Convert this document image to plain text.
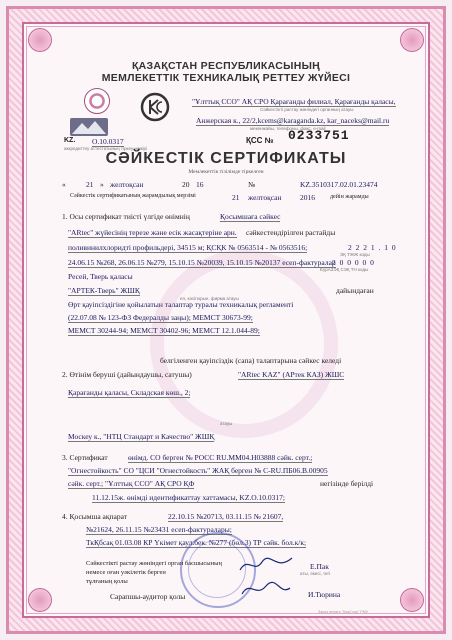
ҚАЗАҚСТАН РЕСПУБЛИКАСЫНЫҢ
МЕМЛЕКЕТТІК ТЕХНИКАЛЫҚ РЕТТЕУ ЖҮЙЕСІ
"Ұлттық ССО" АҚ СРО Қарағанды филиал, Қарағанды қаласы,
Сәйкестікті растау жөніндегі органның атауы
Анжерская к., 22/2,kcems@karaganda.kz, kar_naceks@mail.ru
мекенжайы, телефоны, факс, e-mail
KZ. О.10.0317
аккредиттеу аттестатының тіркеу нөмірі
ҚСС № 0233751
СӘЙКЕСТІК СЕРТИФИКАТЫ
Мемлекеттік тізілімде тіркелген
«	21 » желтоқсан	20 16	№	KZ.3510317.02.01.23474
Сәйкестік сертификатының жарамдылық мерзімі	21 желтоқсан 2016	дейін жарамды
1. Осы сертификат тиісті үлгіде өнімнің	Қосымшаға сәйкес
"ARtec" жүйесінің терезе және есік жасақтеріне арн. сәйкестендірілген растайды
поливинилхлоридті профильдері, 34515 м; ҚСҚК № 0563514 - № 0563516;	2 2 2 1 . 1 0
ЭҚ ТЖЖ коды
24.06.15 №268, 26.06.15 №279, 15.10.15 №20039, 15.10.15 №20137 есеп-фактуралар
2 0 0 0 0 0
ЕурАЗЭҚ СЭҚ ТН коды
Ресей, Тверь қаласы
"АРТЕК-Тверь" ЖШҚ	дайындаған
ел, кәсіпорын, фирма атауы
Өрт қауіпсіздігіне қойылатын талаптар туралы техникалық регламенті
(22.07.08 № 123-ФЗ Федералды заңы); МЕМСТ 30673-99;
МЕМСТ 30244-94; МЕМСТ 30402-96; МЕМСТ 12.1.044-89;
белгіленген қауіпсіздік (сапа) талаптарына сәйкес келеді
2. Өтінім беруші (дайындаушы, сатушы)	"ARtec KAZ" (АРтек КАЗ) ЖШС
Қарағанды қаласы, Складская көш., 2;
атауы
Москеу к., "НТЦ Стандарт и Качество" ЖШҚ
3. Сертификат	өнімд. СО берген № РОСС RU.MM04.H03888 сәйк. серт.;
"Огнестойкость" СО "ЦСИ "Огнестойкость" ЖАҚ берген № С-RU.ПБ06.В.00905
сәйк. серт.; "Ұлттық ССО" АҚ СРО ҚФ	негізінде берілді
11.12.15ж. өнімді идентификаттау хаттамасы, KZ.O.10.0317;
4. Қосымша ақпарат	22.10.15 №20713, 03.11.15 № 21607,
№21624, 26.11.15 №23431 есеп-фактуралары;
ТкҚбсақ 01.03.08 КР Үкімет қаул.бек. №277 (бөл.3) ТР сәйк. бол.к/к;
Сәйкестікті растау жөніндегі орган басшысының
немесе оған уәкілетік берген
тұлғаның қолы
Е.Пак
аты, әкесі, тегі
Сарапшы-аудитор қолы	И.Тюрина
Заказ печать "КазСтар" РМУ
